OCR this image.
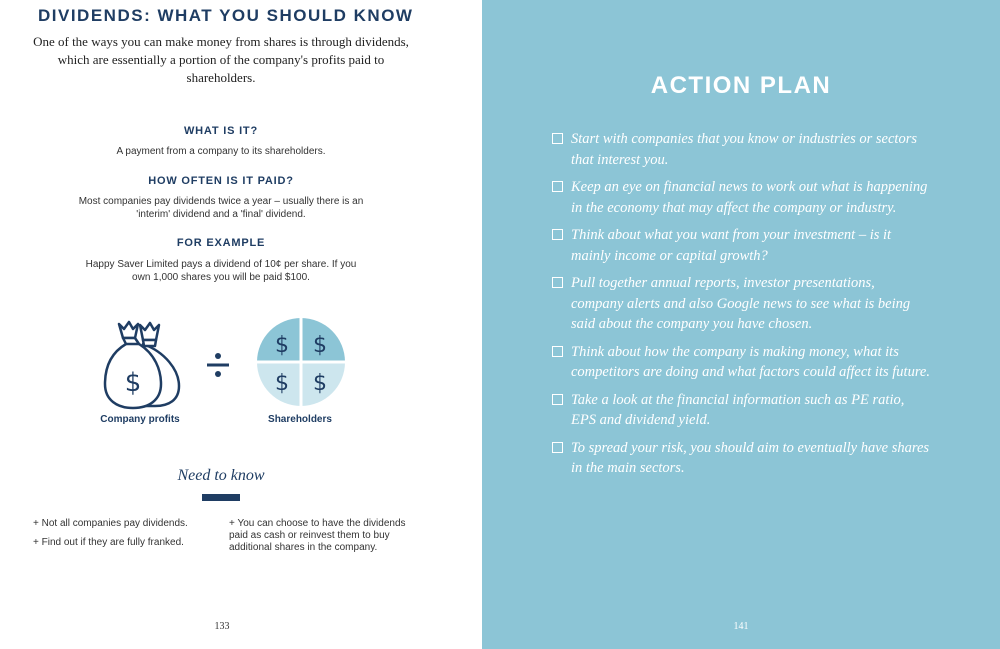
DIVIDENDS: WHAT YOU SHOULD KNOW
One of the ways you can make money from shares is through dividends, which are essentially a portion of the company's profits paid to shareholders.
WHAT IS IT?
A payment from a company to its shareholders.
HOW OFTEN IS IT PAID?
Most companies pay dividends twice a year – usually there is an 'interim' dividend and a 'final' dividend.
FOR EXAMPLE
Happy Saver Limited pays a dividend of 10¢ per share. If you own 1,000 shares you will be paid $100.
$
$ $
$ $
Company profits	Shareholders
Need to know
+ Not all companies pay dividends.
+ Find out if they are fully franked.
+ You can choose to have the dividends paid as cash or reinvest them to buy additional shares in the company.
133
ACTION PLAN
Start with companies that you know or industries or sectors that interest you.
Keep an eye on financial news to work out what is happening in the economy that may affect the company or industry.
Think about what you want from your investment – is it mainly income or capital growth?
Pull together annual reports, investor presentations, company alerts and also Google news to see what is being said about the company you have chosen.
Think about how the company is making money, what its competitors are doing and what factors could affect its future.
Take a look at the financial information such as PE ratio, EPS and dividend yield.
To spread your risk, you should aim to eventually have shares in the main sectors.
141
